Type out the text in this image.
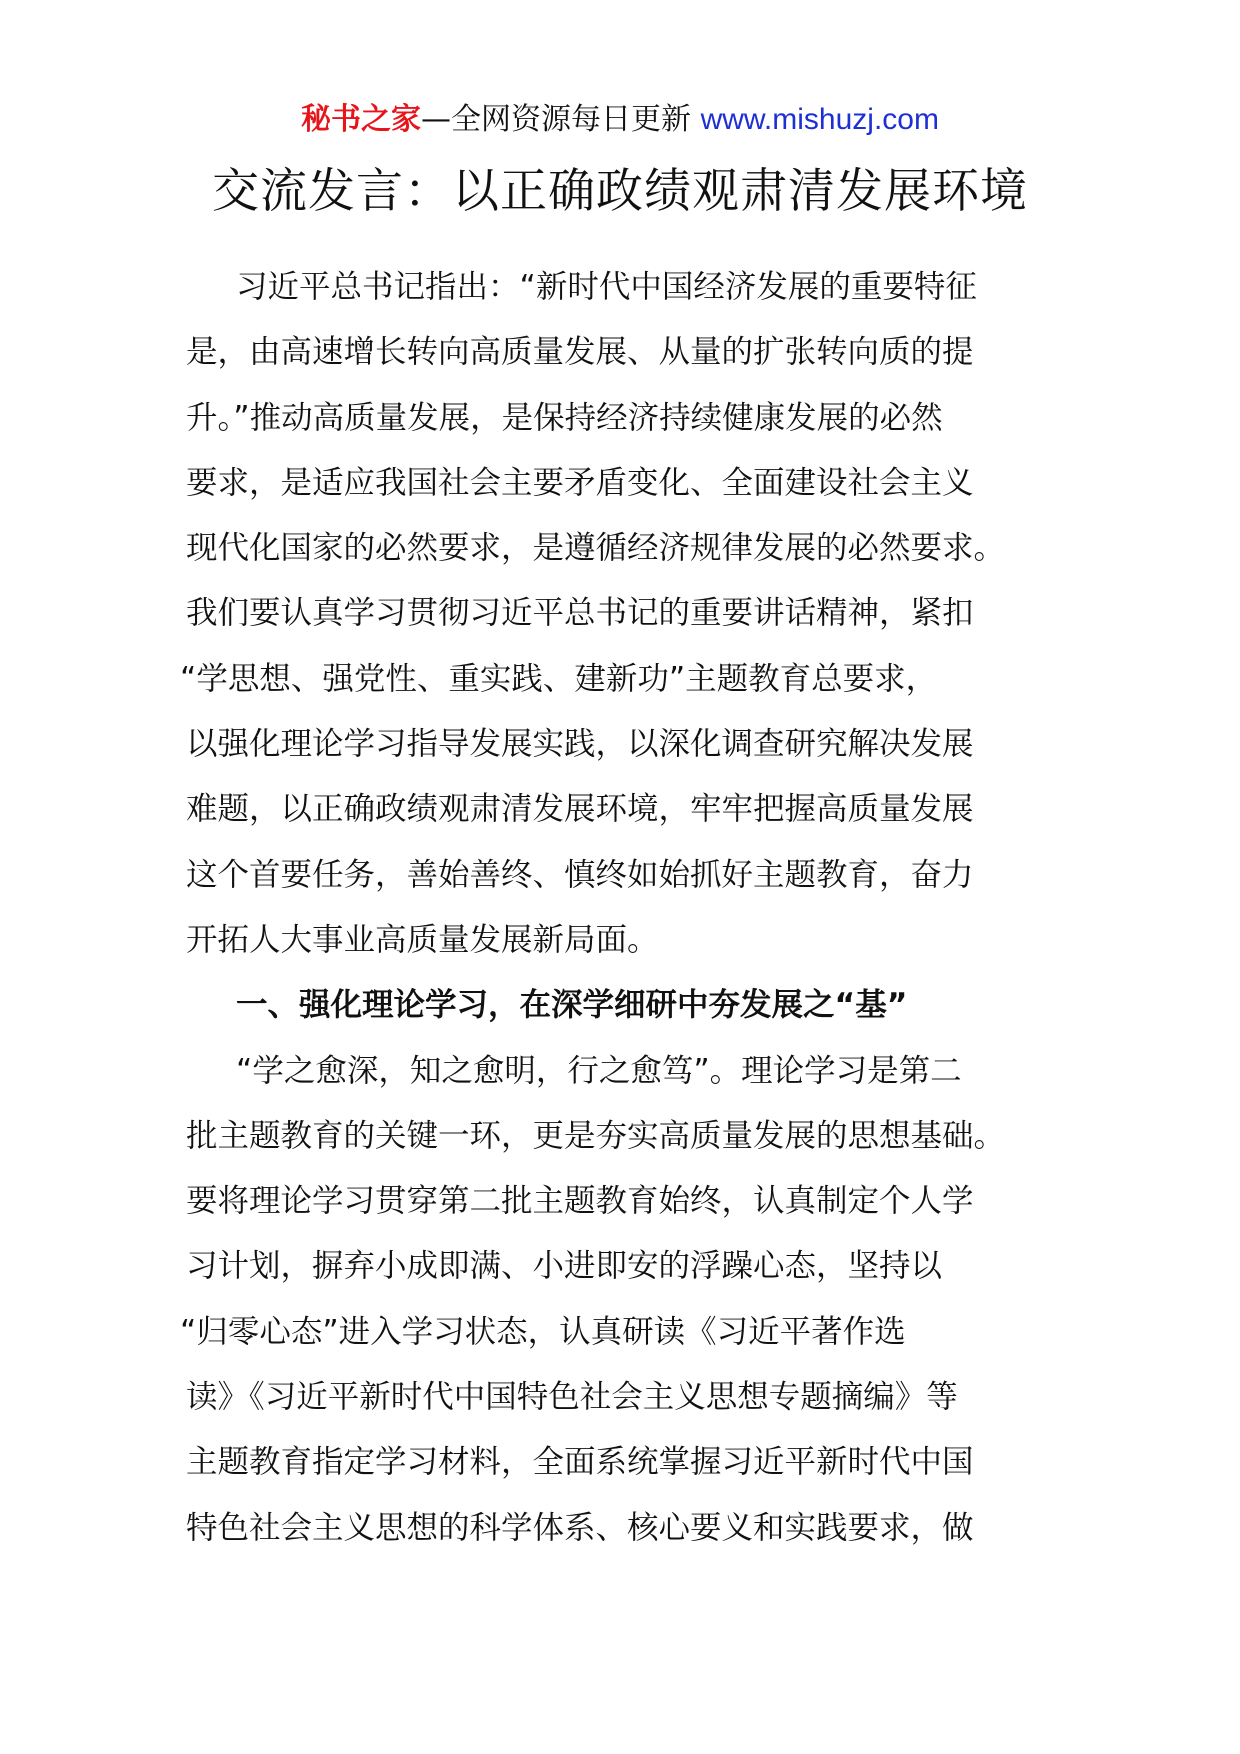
秘书之家—全网资源每日更新 www.mishuzj.com
交流发言：以正确政绩观肃清发展环境
习近平总书记指出：“新时代中国经济发展的重要特征
是，由高速增长转向高质量发展、从量的扩张转向质的提
升。”推动高质量发展，是保持经济持续健康发展的必然
要求，是适应我国社会主要矛盾变化、全面建设社会主义
现代化国家的必然要求，是遵循经济规律发展的必然要求。
我们要认真学习贯彻习近平总书记的重要讲话精神，紧扣
“学思想、强党性、重实践、建新功”主题教育总要求，
以强化理论学习指导发展实践，以深化调查研究解决发展
难题，以正确政绩观肃清发展环境，牢牢把握高质量发展
这个首要任务，善始善终、慎终如始抓好主题教育，奋力
开拓人大事业高质量发展新局面。
一、强化理论学习，在深学细研中夯发展之“基”
“学之愈深，知之愈明，行之愈笃”。理论学习是第二
批主题教育的关键一环，更是夯实高质量发展的思想基础。
要将理论学习贯穿第二批主题教育始终，认真制定个人学
习计划，摒弃小成即满、小进即安的浮躁心态，坚持以
“归零心态”进入学习状态，认真研读《习近平著作选
读》《习近平新时代中国特色社会主义思想专题摘编》等
主题教育指定学习材料，全面系统掌握习近平新时代中国
特色社会主义思想的科学体系、核心要义和实践要求，做
